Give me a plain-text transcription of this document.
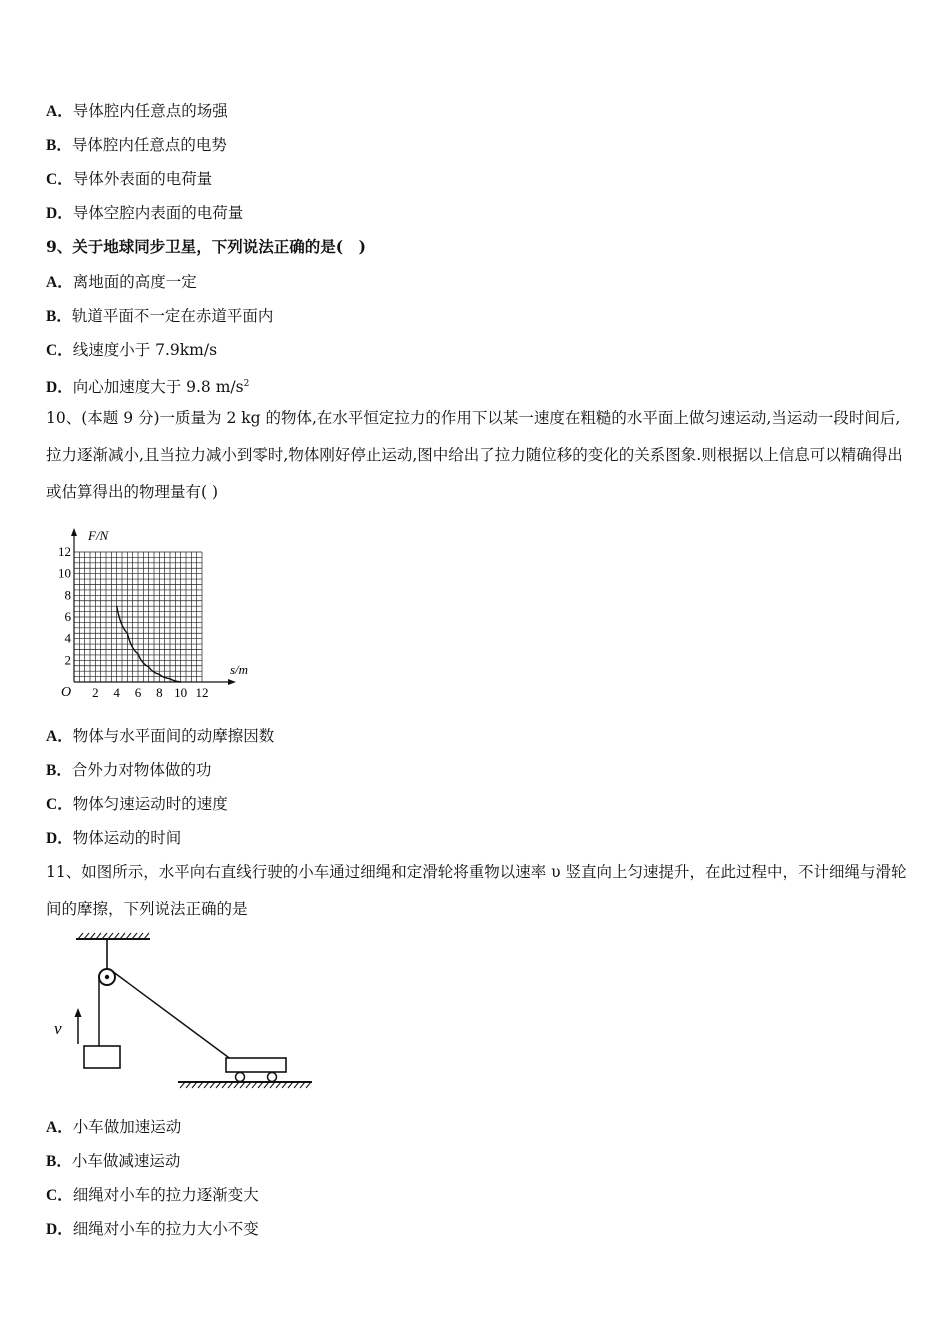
A．导体腔内任意点的场强
B．导体腔内任意点的电势
C．导体外表面的电荷量
D．导体空腔内表面的电荷量
9、关于地球同步卫星，下列说法正确的是(　)
A．离地面的高度一定
B．轨道平面不一定在赤道平面内
C．线速度小于 7.9km/s
D．向心加速度大于 9.8 $m/s^2$
10、(本题 9 分)一质量为 2 kg 的物体,在水平恒定拉力的作用下以某一速度在粗糙的水平面上做匀速运动,当运动一段时间后,拉力逐渐减小,且当拉力减小到零时,物体刚好停止运动,图中给出了拉力随位移的变化的关系图象.则根据以上信息可以精确得出或估算得出的物理量有( )
2 4 6 8 10 12
12
10
8
6
4
2
F/N
s/m
O
A．物体与水平面间的动摩擦因数
B．合外力对物体做的功
C．物体匀速运动时的速度
D．物体运动的时间
11、如图所示，水平向右直线行驶的小车通过细绳和定滑轮将重物以速率 υ 竖直向上匀速提升，在此过程中，不计细绳与滑轮间的摩擦，下列说法正确的是
v
A．小车做加速运动
B．小车做减速运动
C．细绳对小车的拉力逐渐变大
D．细绳对小车的拉力大小不变
